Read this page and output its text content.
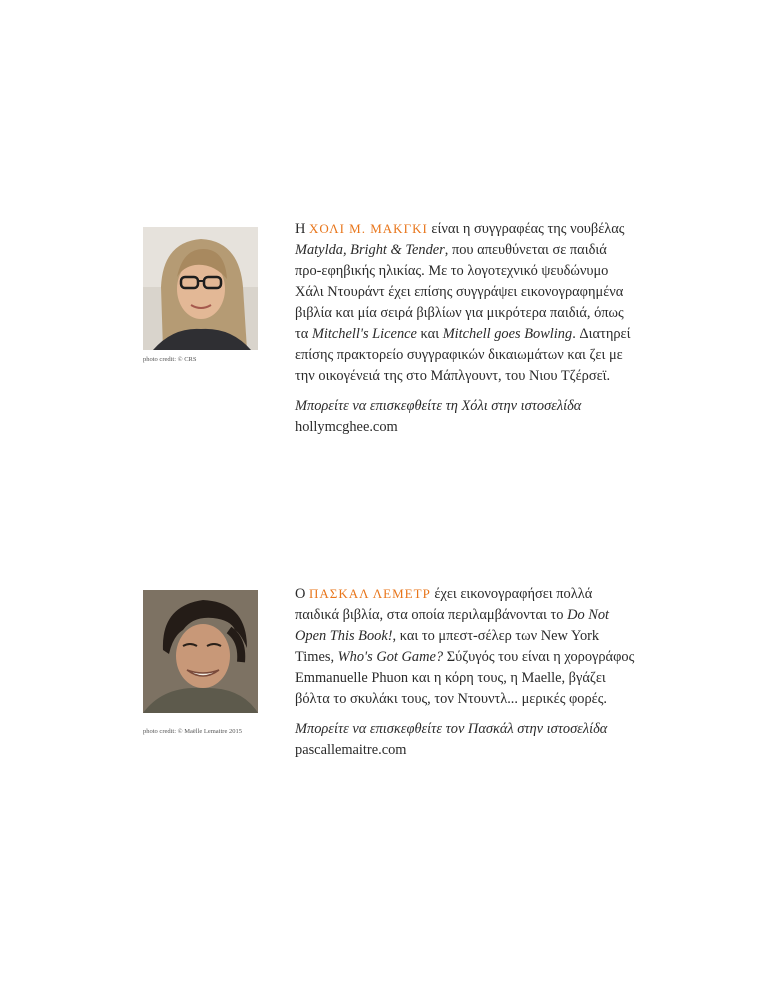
photo credit: © CRS

Η ΧΟΛΙ Μ. ΜΑΚΓΚΙ είναι η συγγραφέας της νουβέλας Matylda, Bright & Tender, που απευθύνεται σε παιδιά προ-εφηβικής ηλικίας. Με το λογοτεχνικό ψευδώνυμο Χάλι Ντουράντ έχει επίσης συγγράψει εικονογραφημένα βιβλία και μία σειρά βιβλίων για μικρότερα παιδιά, όπως τα Mitchell's Licence και Mitchell goes Bowling. Διατηρεί επίσης πρακτορείο συγγραφικών δικαιωμάτων και ζει με την οικογένειά της στο Μάπλγουντ, του Νιου Τζέρσεϊ.

Μπορείτε να επισκεφθείτε τη Χόλι στην ιστοσελίδα
hollymcghee.com

photo credit: © Maëlle Lemaitre 2015

Ο ΠΑΣΚΑΛ ΛΕΜΕΤΡ έχει εικονογραφήσει πολλά παιδικά βιβλία, στα οποία περιλαμβάνονται το Do Not Open This Book!, και το μπεστ-σέλερ των New York Times, Who's Got Game? Σύζυγός του είναι η χορογράφος Emmanuelle Phuon και η κόρη τους, η Maelle, βγάζει βόλτα το σκυλάκι τους, τον Ντουντλ... μερικές φορές.

Μπορείτε να επισκεφθείτε τον Πασκάλ στην ιστοσελίδα
pascallemaitre.com
